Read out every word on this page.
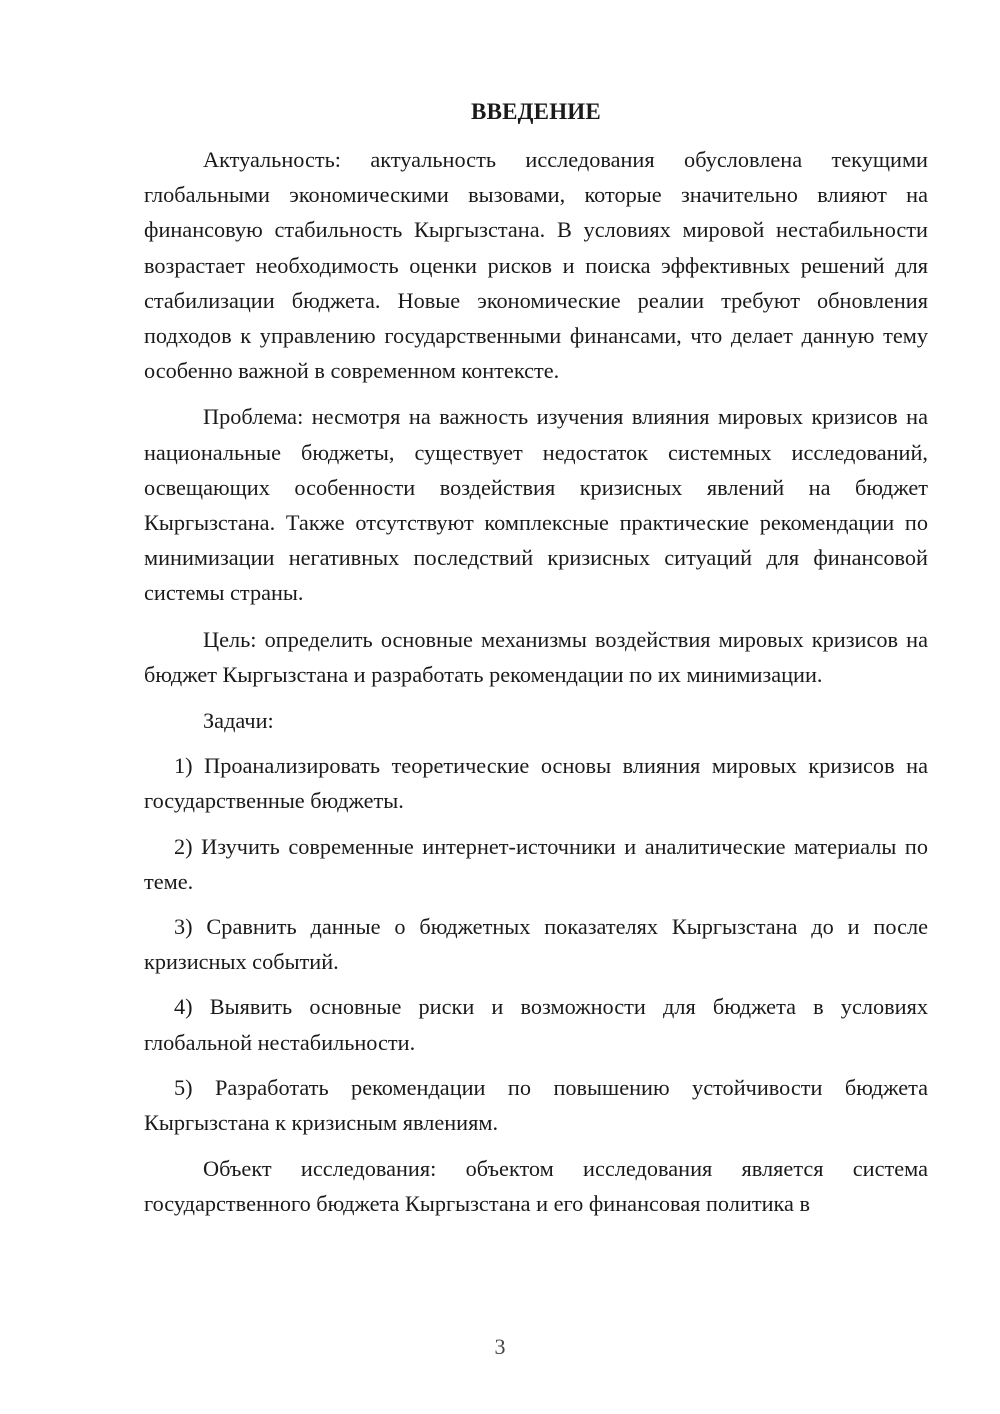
ВВЕДЕНИЕ

Актуальность: актуальность исследования обусловлена текущими глобальными экономическими вызовами, которые значительно влияют на финансовую стабильность Кыргызстана. В условиях мировой нестабильности возрастает необходимость оценки рисков и поиска эффективных решений для стабилизации бюджета. Новые экономические реалии требуют обновления подходов к управлению государственными финансами, что делает данную тему особенно важной в современном контексте.

Проблема: несмотря на важность изучения влияния мировых кризисов на национальные бюджеты, существует недостаток системных исследований, освещающих особенности воздействия кризисных явлений на бюджет Кыргызстана. Также отсутствуют комплексные практические рекомендации по минимизации негативных последствий кризисных ситуаций для финансовой системы страны.

Цель: определить основные механизмы воздействия мировых кризисов на бюджет Кыргызстана и разработать рекомендации по их минимизации.

Задачи:

1) Проанализировать теоретические основы влияния мировых кризисов на государственные бюджеты.

2) Изучить современные интернет-источники и аналитические материалы по теме.

3) Сравнить данные о бюджетных показателях Кыргызстана до и после кризисных событий.

4) Выявить основные риски и возможности для бюджета в условиях глобальной нестабильности.

5) Разработать рекомендации по повышению устойчивости бюджета Кыргызстана к кризисным явлениям.

Объект исследования: объектом исследования является система государственного бюджета Кыргызстана и его финансовая политика в

3
